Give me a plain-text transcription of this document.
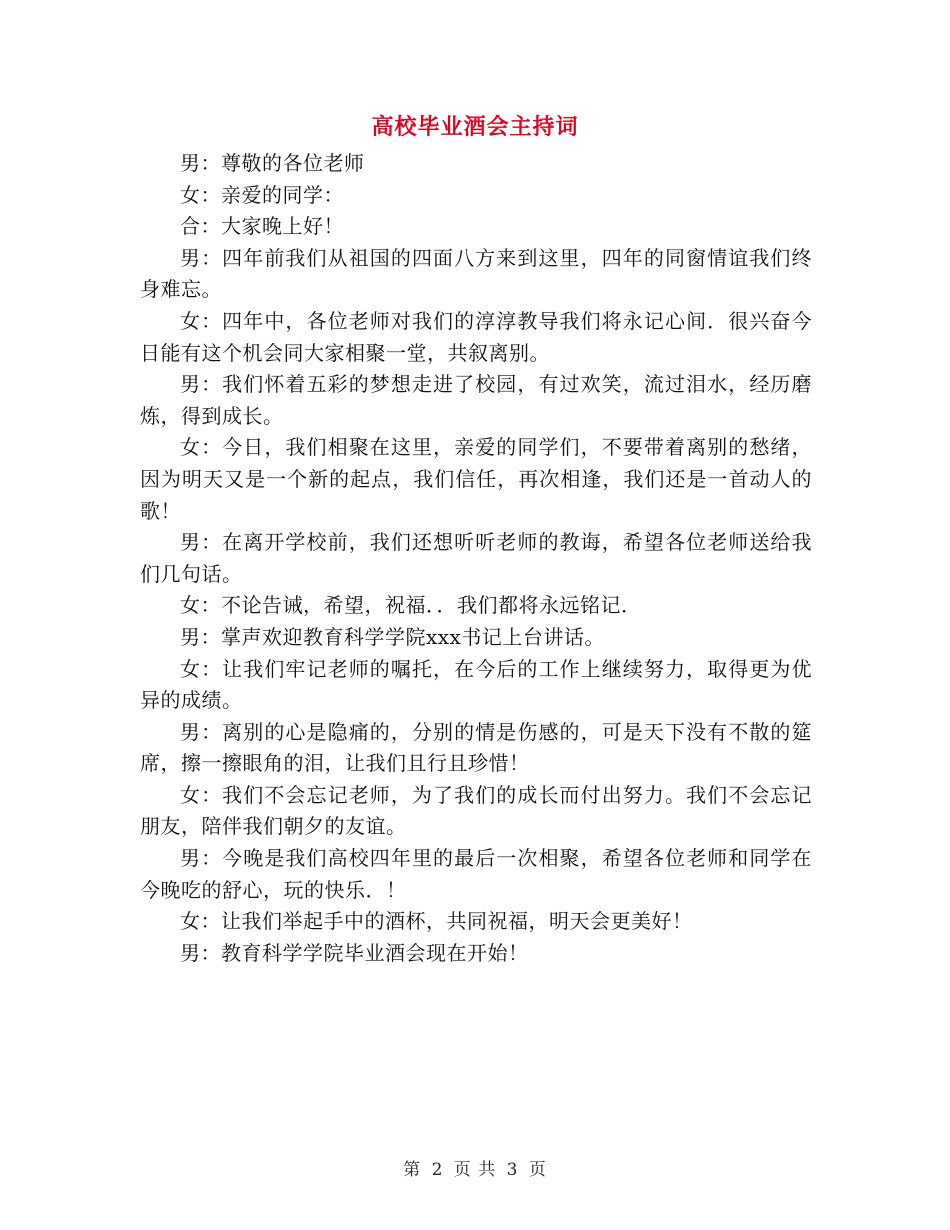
高校毕业酒会主持词

男：尊敬的各位老师

女：亲爱的同学：

合：大家晚上好！

男：四年前我们从祖国的四面八方来到这里，四年的同窗情谊我们终身难忘。

女：四年中，各位老师对我们的淳淳教导我们将永记心间．很兴奋今日能有这个机会同大家相聚一堂，共叙离别。

男：我们怀着五彩的梦想走进了校园，有过欢笑，流过泪水，经历磨炼，得到成长。

女：今日，我们相聚在这里，亲爱的同学们，不要带着离别的愁绪，因为明天又是一个新的起点，我们信任，再次相逢，我们还是一首动人的歌！

男：在离开学校前，我们还想听听老师的教诲，希望各位老师送给我们几句话。

女：不论告诫，希望，祝福．．我们都将永远铭记．

男：掌声欢迎教育科学学院xxx书记上台讲话。

女：让我们牢记老师的嘱托，在今后的工作上继续努力，取得更为优异的成绩。

男：离别的心是隐痛的，分别的情是伤感的，可是天下没有不散的筵席，擦一擦眼角的泪，让我们且行且珍惜！

女：我们不会忘记老师，为了我们的成长而付出努力。我们不会忘记朋友，陪伴我们朝夕的友谊。

男：今晚是我们高校四年里的最后一次相聚，希望各位老师和同学在今晚吃的舒心，玩的快乐．！

女：让我们举起手中的酒杯，共同祝福，明天会更美好！

男：教育科学学院毕业酒会现在开始！

第 2 页 共 3 页
